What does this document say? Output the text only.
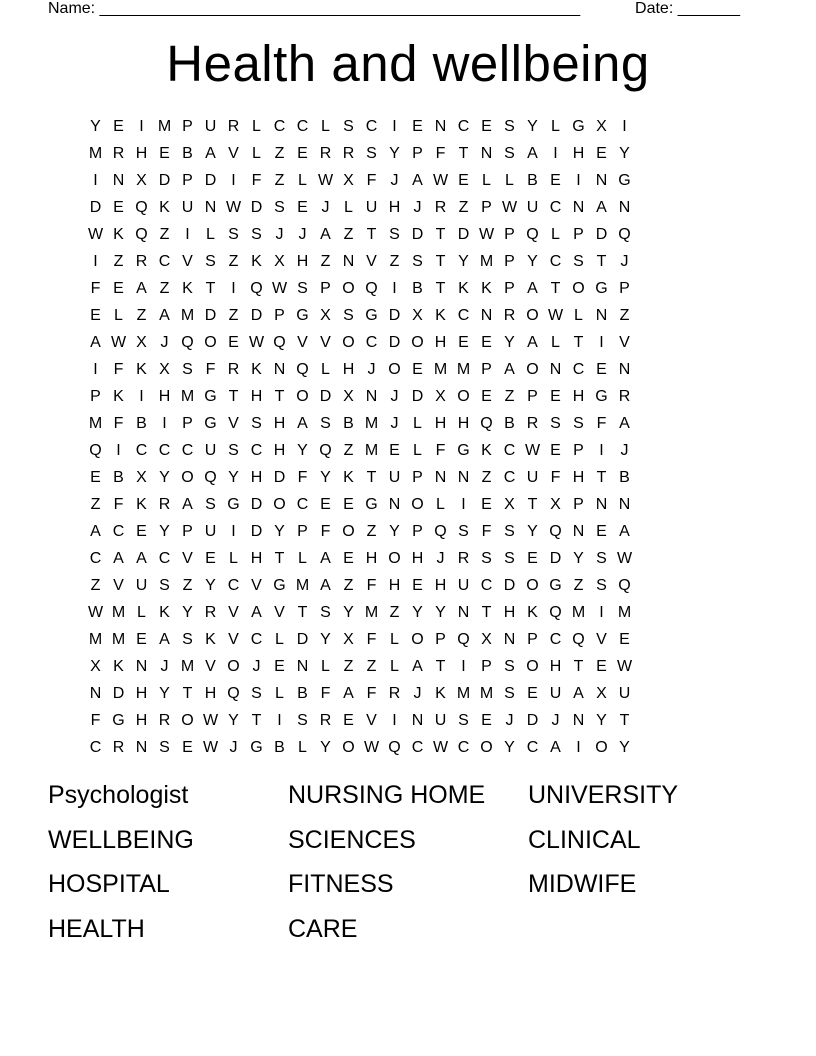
Name: ______________________________________________________	Date: _______
Health and wellbeing
Y	E	I	M	P	U	R	L	C	C	L	S	C	I	E	N	C	E	S	Y	L	G	X	I
M	R	H	E	B	A	V	L	Z	E	R	R	S	Y	P	F	T	N	S	A	I	H	E	Y
I	N	X	D	P	D	I	F	Z	L	W	X	F	J	A	W	E	L	L	B	E	I	N	G
D	E	Q	K	U	N	W	D	S	E	J	L	U	H	J	R	Z	P	W	U	C	N	A	N
W	K	Q	Z	I	L	S	S	J	J	A	Z	T	S	D	T	D	W	P	Q	L	P	D	Q
I	Z	R	C	V	S	Z	K	X	H	Z	N	V	Z	S	T	Y	M	P	Y	C	S	T	J
F	E	A	Z	K	T	I	Q	W	S	P	O	Q	I	B	T	K	K	P	A	T	O	G	P
E	L	Z	A	M	D	Z	D	P	G	X	S	G	D	X	K	C	N	R	O	W	L	N	Z
A	W	X	J	Q	O	E	W	Q	V	V	O	C	D	O	H	E	E	Y	A	L	T	I	V
I	F	K	X	S	F	R	K	N	Q	L	H	J	O	E	M	M	P	A	O	N	C	E	N
P	K	I	H	M	G	T	H	T	O	D	X	N	J	D	X	O	E	Z	P	E	H	G	R
M	F	B	I	P	G	V	S	H	A	S	B	M	J	L	H	H	Q	B	R	S	S	F	A
Q	I	C	C	C	U	S	C	H	Y	Q	Z	M	E	L	F	G	K	C	W	E	P	I	J
E	B	X	Y	O	Q	Y	H	D	F	Y	K	T	U	P	N	N	Z	C	U	F	H	T	B
Z	F	K	R	A	S	G	D	O	C	E	E	G	N	O	L	I	E	X	T	X	P	N	N
A	C	E	Y	P	U	I	D	Y	P	F	O	Z	Y	P	Q	S	F	S	Y	Q	N	E	A
C	A	A	C	V	E	L	H	T	L	A	E	H	O	H	J	R	S	S	E	D	Y	S	W
Z	V	U	S	Z	Y	C	V	G	M	A	Z	F	H	E	H	U	C	D	O	G	Z	S	Q
W	M	L	K	Y	R	V	A	V	T	S	Y	M	Z	Y	Y	N	T	H	K	Q	M	I	M
M	M	E	A	S	K	V	C	L	D	Y	X	F	L	O	P	Q	X	N	P	C	Q	V	E
X	K	N	J	M	V	O	J	E	N	L	Z	Z	L	A	T	I	P	S	O	H	T	E	W
N	D	H	Y	T	H	Q	S	L	B	F	A	F	R	J	K	M	M	S	E	U	A	X	U
F	G	H	R	O	W	Y	T	I	S	R	E	V	I	N	U	S	E	J	D	J	N	Y	T
C	R	N	S	E	W	J	G	B	L	Y	O	W	Q	C	W	C	O	Y	C	A	I	O	Y
Psychologist	NURSING HOME	UNIVERSITY
WELLBEING	SCIENCES	CLINICAL
HOSPITAL	FITNESS	MIDWIFE
HEALTH	CARE
